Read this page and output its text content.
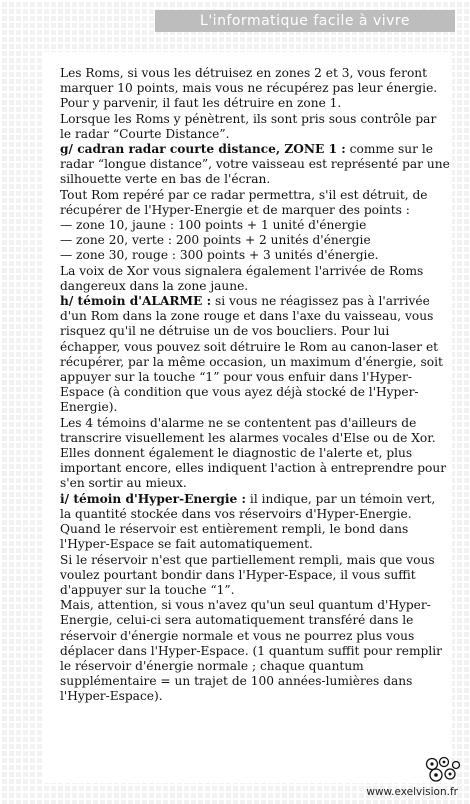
L'informatique facile à vivre

Les Roms, si vous les détruisez en zones 2 et 3, vous feront marquer 10 points, mais vous ne récupérez pas leur énergie. Pour y parvenir, il faut les détruire en zone 1.

Lorsque les Roms y pénètrent, ils sont pris sous contrôle par le radar “Courte Distance”.

g/ cadran radar courte distance, ZONE 1 : comme sur le radar “longue distance”, votre vaisseau est représenté par une silhouette verte en bas de l'écran.

Tout Rom repéré par ce radar permettra, s'il est détruit, de récupérer de l'Hyper-Energie et de marquer des points :

— zone 10, jaune : 100 points + 1 unité d'énergie

— zone 20, verte : 200 points + 2 unités d'énergie

— zone 30, rouge : 300 points + 3 unités d'énergie.

La voix de Xor vous signalera également l'arrivée de Roms dangereux dans la zone jaune.

h/ témoin d'ALARME : si vous ne réagissez pas à l'arrivée d'un Rom dans la zone rouge et dans l'axe du vaisseau, vous risquez qu'il ne détruise un de vos boucliers. Pour lui échapper, vous pouvez soit détruire le Rom au canon-laser et récupérer, par la même occasion, un maximum d'énergie, soit appuyer sur la touche “1” pour vous enfuir dans l'Hyper-Espace (à condition que vous ayez déjà stocké de l'Hyper-Energie).

Les 4 témoins d'alarme ne se contentent pas d'ailleurs de transcrire visuellement les alarmes vocales d'Else ou de Xor. Elles donnent également le diagnostic de l'alerte et, plus important encore, elles indiquent l'action à entreprendre pour s'en sortir au mieux.

i/ témoin d'Hyper-Energie : il indique, par un témoin vert, la quantité stockée dans vos réservoirs d'Hyper-Energie. Quand le réservoir est entièrement rempli, le bond dans l'Hyper-Espace se fait automatiquement.

Si le réservoir n'est que partiellement rempli, mais que vous voulez pourtant bondir dans l'Hyper-Espace, il vous suffit d'appuyer sur la touche “1”.

Mais, attention, si vous n'avez qu'un seul quantum d'Hyper-Energie, celui-ci sera automatiquement transféré dans le réservoir d'énergie normale et vous ne pourrez plus vous déplacer dans l'Hyper-Espace. (1 quantum suffit pour remplir le réservoir d'énergie normale ; chaque quantum supplémentaire = un trajet de 100 années-lumières dans l'Hyper-Espace).

www.exelvision.fr
